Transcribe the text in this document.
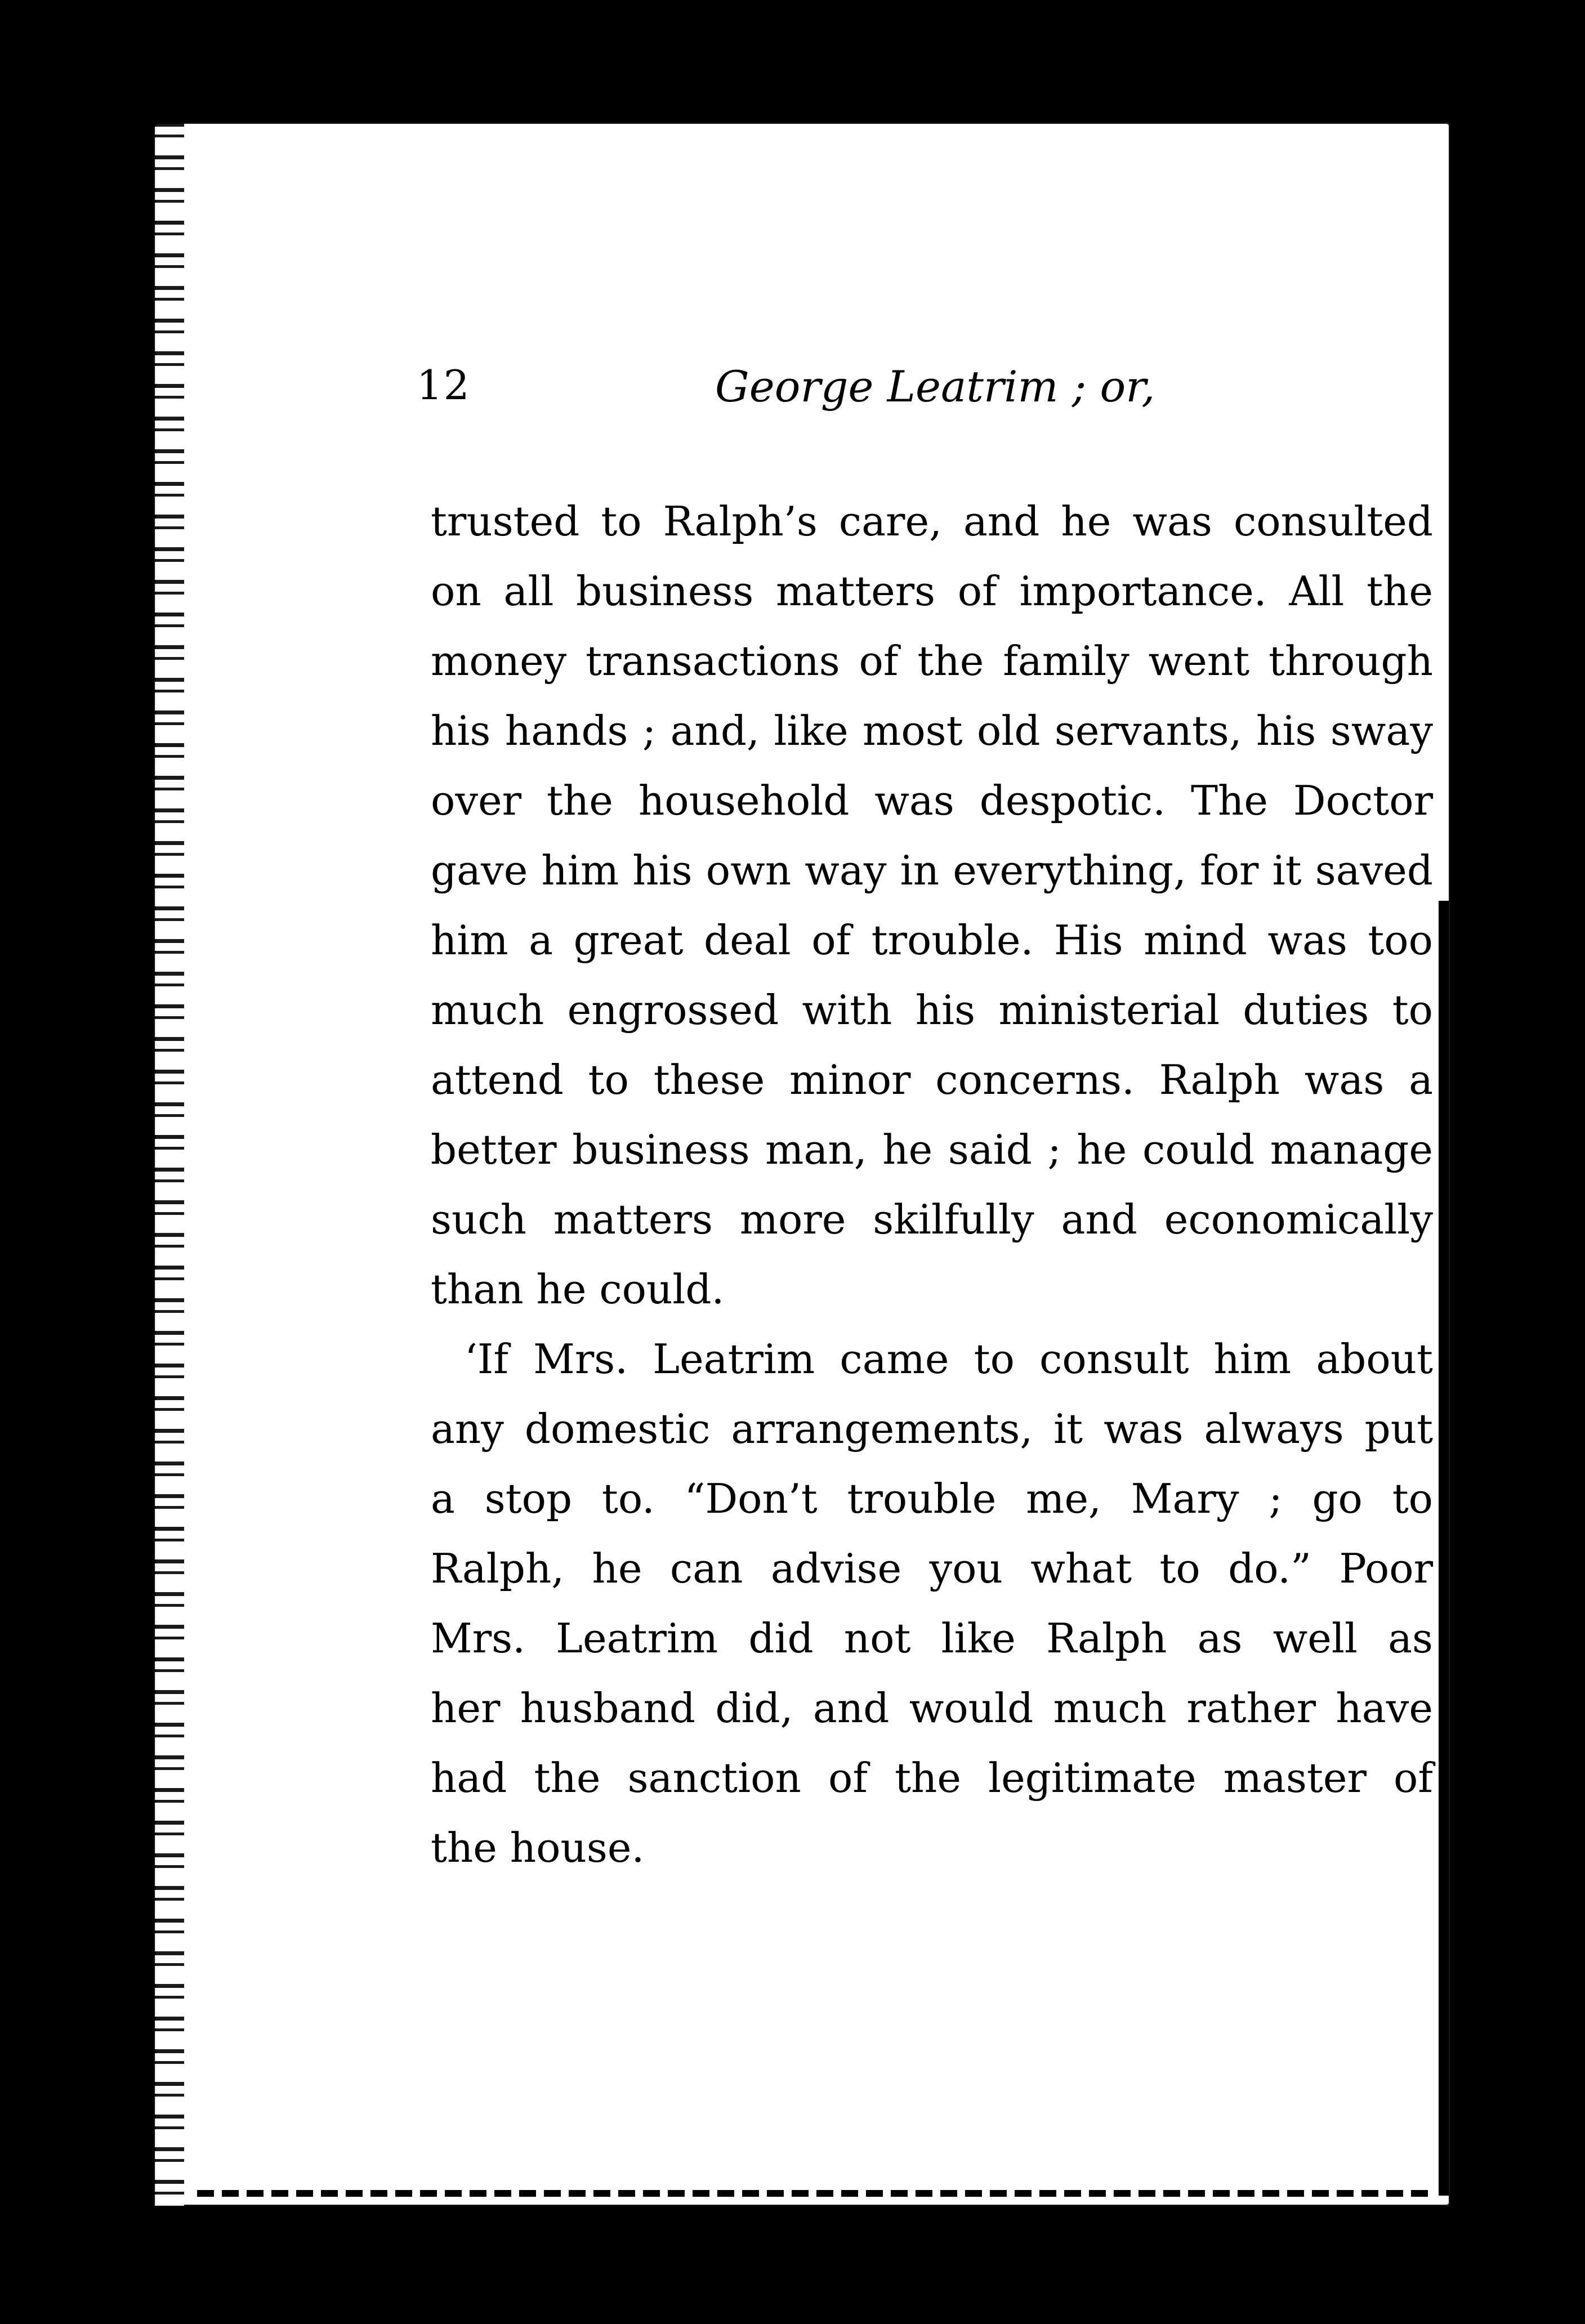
12	George Leatrim ; or,
trusted to Ralph’s care, and he was consulted
on all business matters of importance. All the
money transactions of the family went through
his hands ; and, like most old servants, his sway
over the household was despotic. The Doctor
gave him his own way in everything, for it saved
him a great deal of trouble. His mind was too
much engrossed with his ministerial duties to
attend to these minor concerns. Ralph was a
better business man, he said ; he could manage
such matters more skilfully and economically
than he could.
‘If Mrs. Leatrim came to consult him about
any domestic arrangements, it was always put
a stop to. “Don’t trouble me, Mary ; go to
Ralph, he can advise you what to do.” Poor
Mrs. Leatrim did not like Ralph as well as
her husband did, and would much rather have
had the sanction of the legitimate master of
the house.
